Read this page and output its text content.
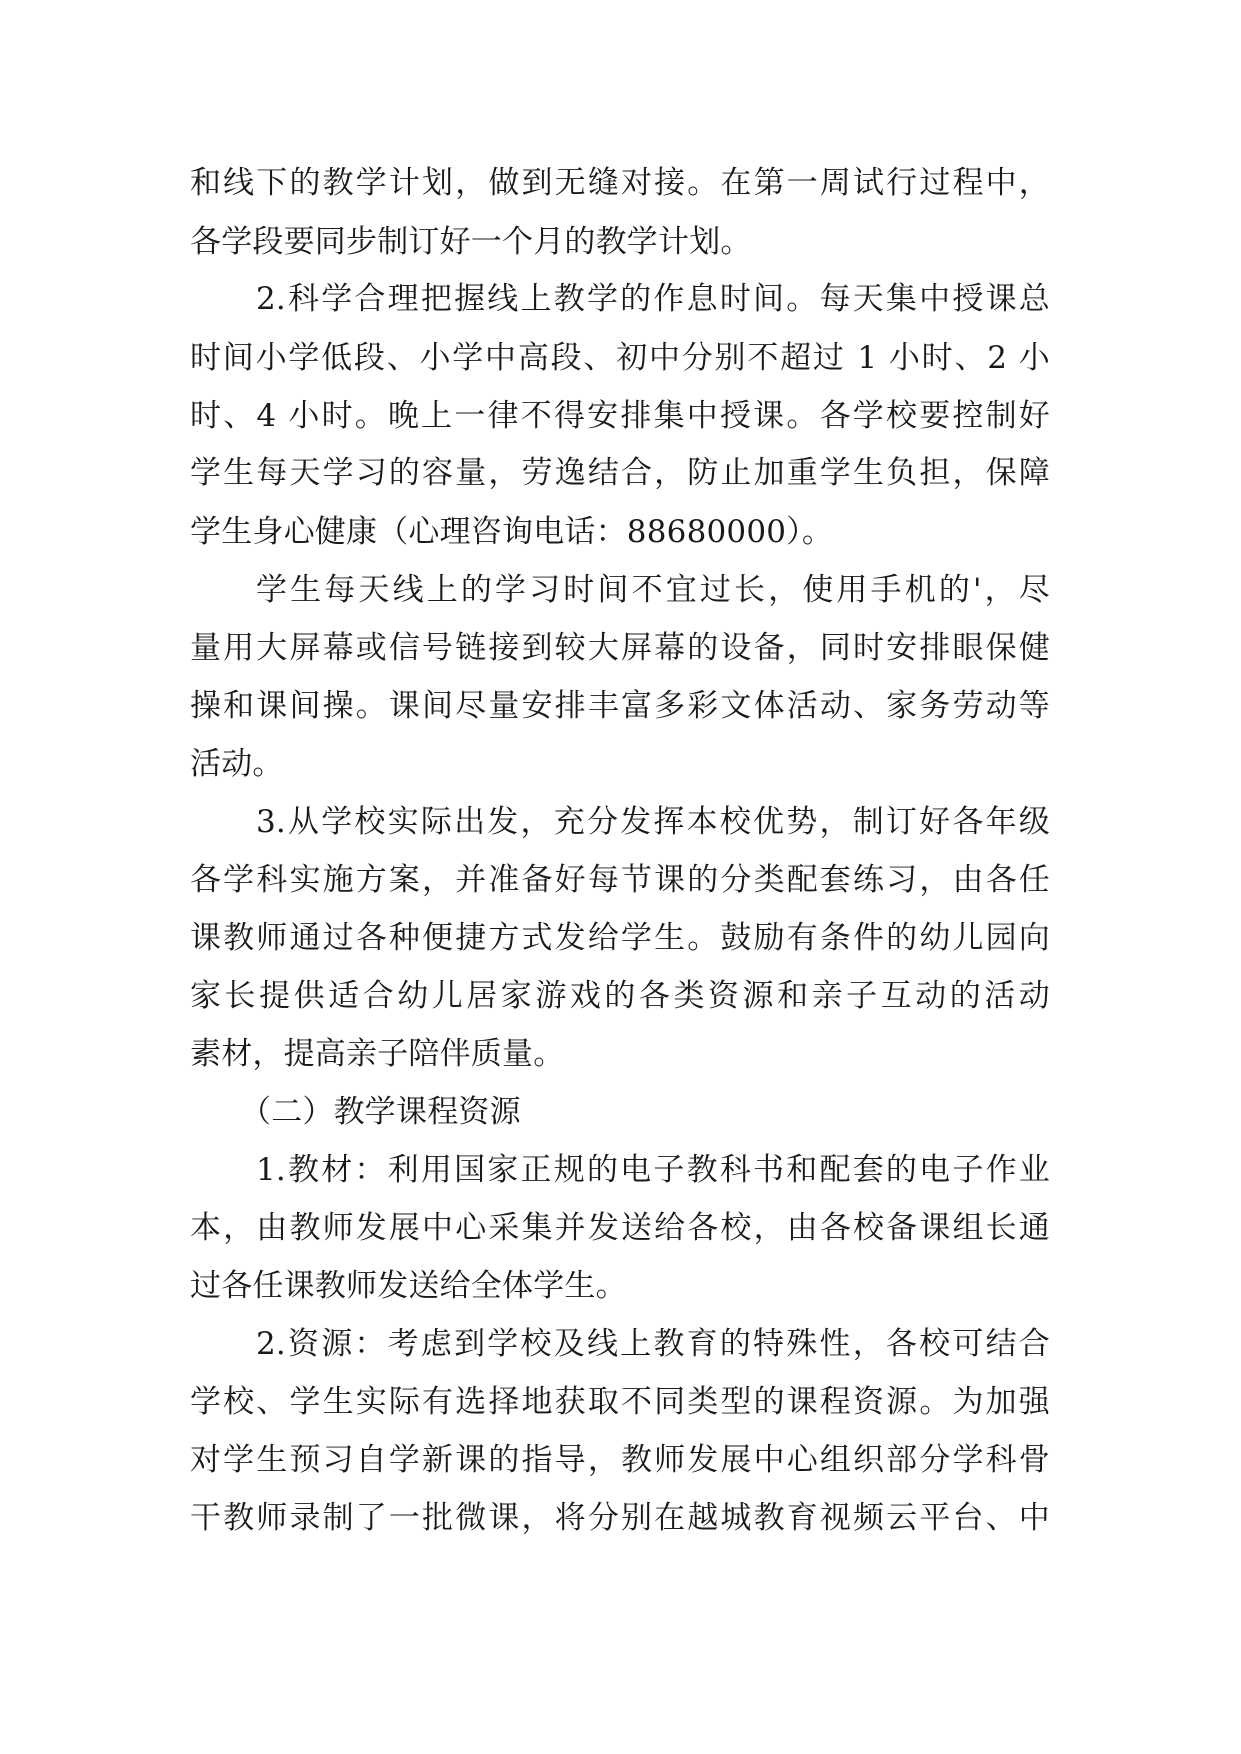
和线下的教学计划，做到无缝对接。在第一周试行过程中，
各学段要同步制订好一个月的教学计划。
2.科学合理把握线上教学的作息时间。每天集中授课总
时间小学低段、小学中高段、初中分别不超过 1 小时、2 小
时、4 小时。晚上一律不得安排集中授课。各学校要控制好
学生每天学习的容量，劳逸结合，防止加重学生负担，保障
学生身心健康（心理咨询电话：88680000）。
学生每天线上的学习时间不宜过长，使用手机的'，尽
量用大屏幕或信号链接到较大屏幕的设备，同时安排眼保健
操和课间操。课间尽量安排丰富多彩文体活动、家务劳动等
活动。
3.从学校实际出发，充分发挥本校优势，制订好各年级
各学科实施方案，并准备好每节课的分类配套练习，由各任
课教师通过各种便捷方式发给学生。鼓励有条件的幼儿园向
家长提供适合幼儿居家游戏的各类资源和亲子互动的活动
素材，提高亲子陪伴质量。
（二）教学课程资源
1.教材：利用国家正规的电子教科书和配套的电子作业
本，由教师发展中心采集并发送给各校，由各校备课组长通
过各任课教师发送给全体学生。
2.资源：考虑到学校及线上教育的特殊性，各校可结合
学校、学生实际有选择地获取不同类型的课程资源。为加强
对学生预习自学新课的指导，教师发展中心组织部分学科骨
干教师录制了一批微课，将分别在越城教育视频云平台、中
